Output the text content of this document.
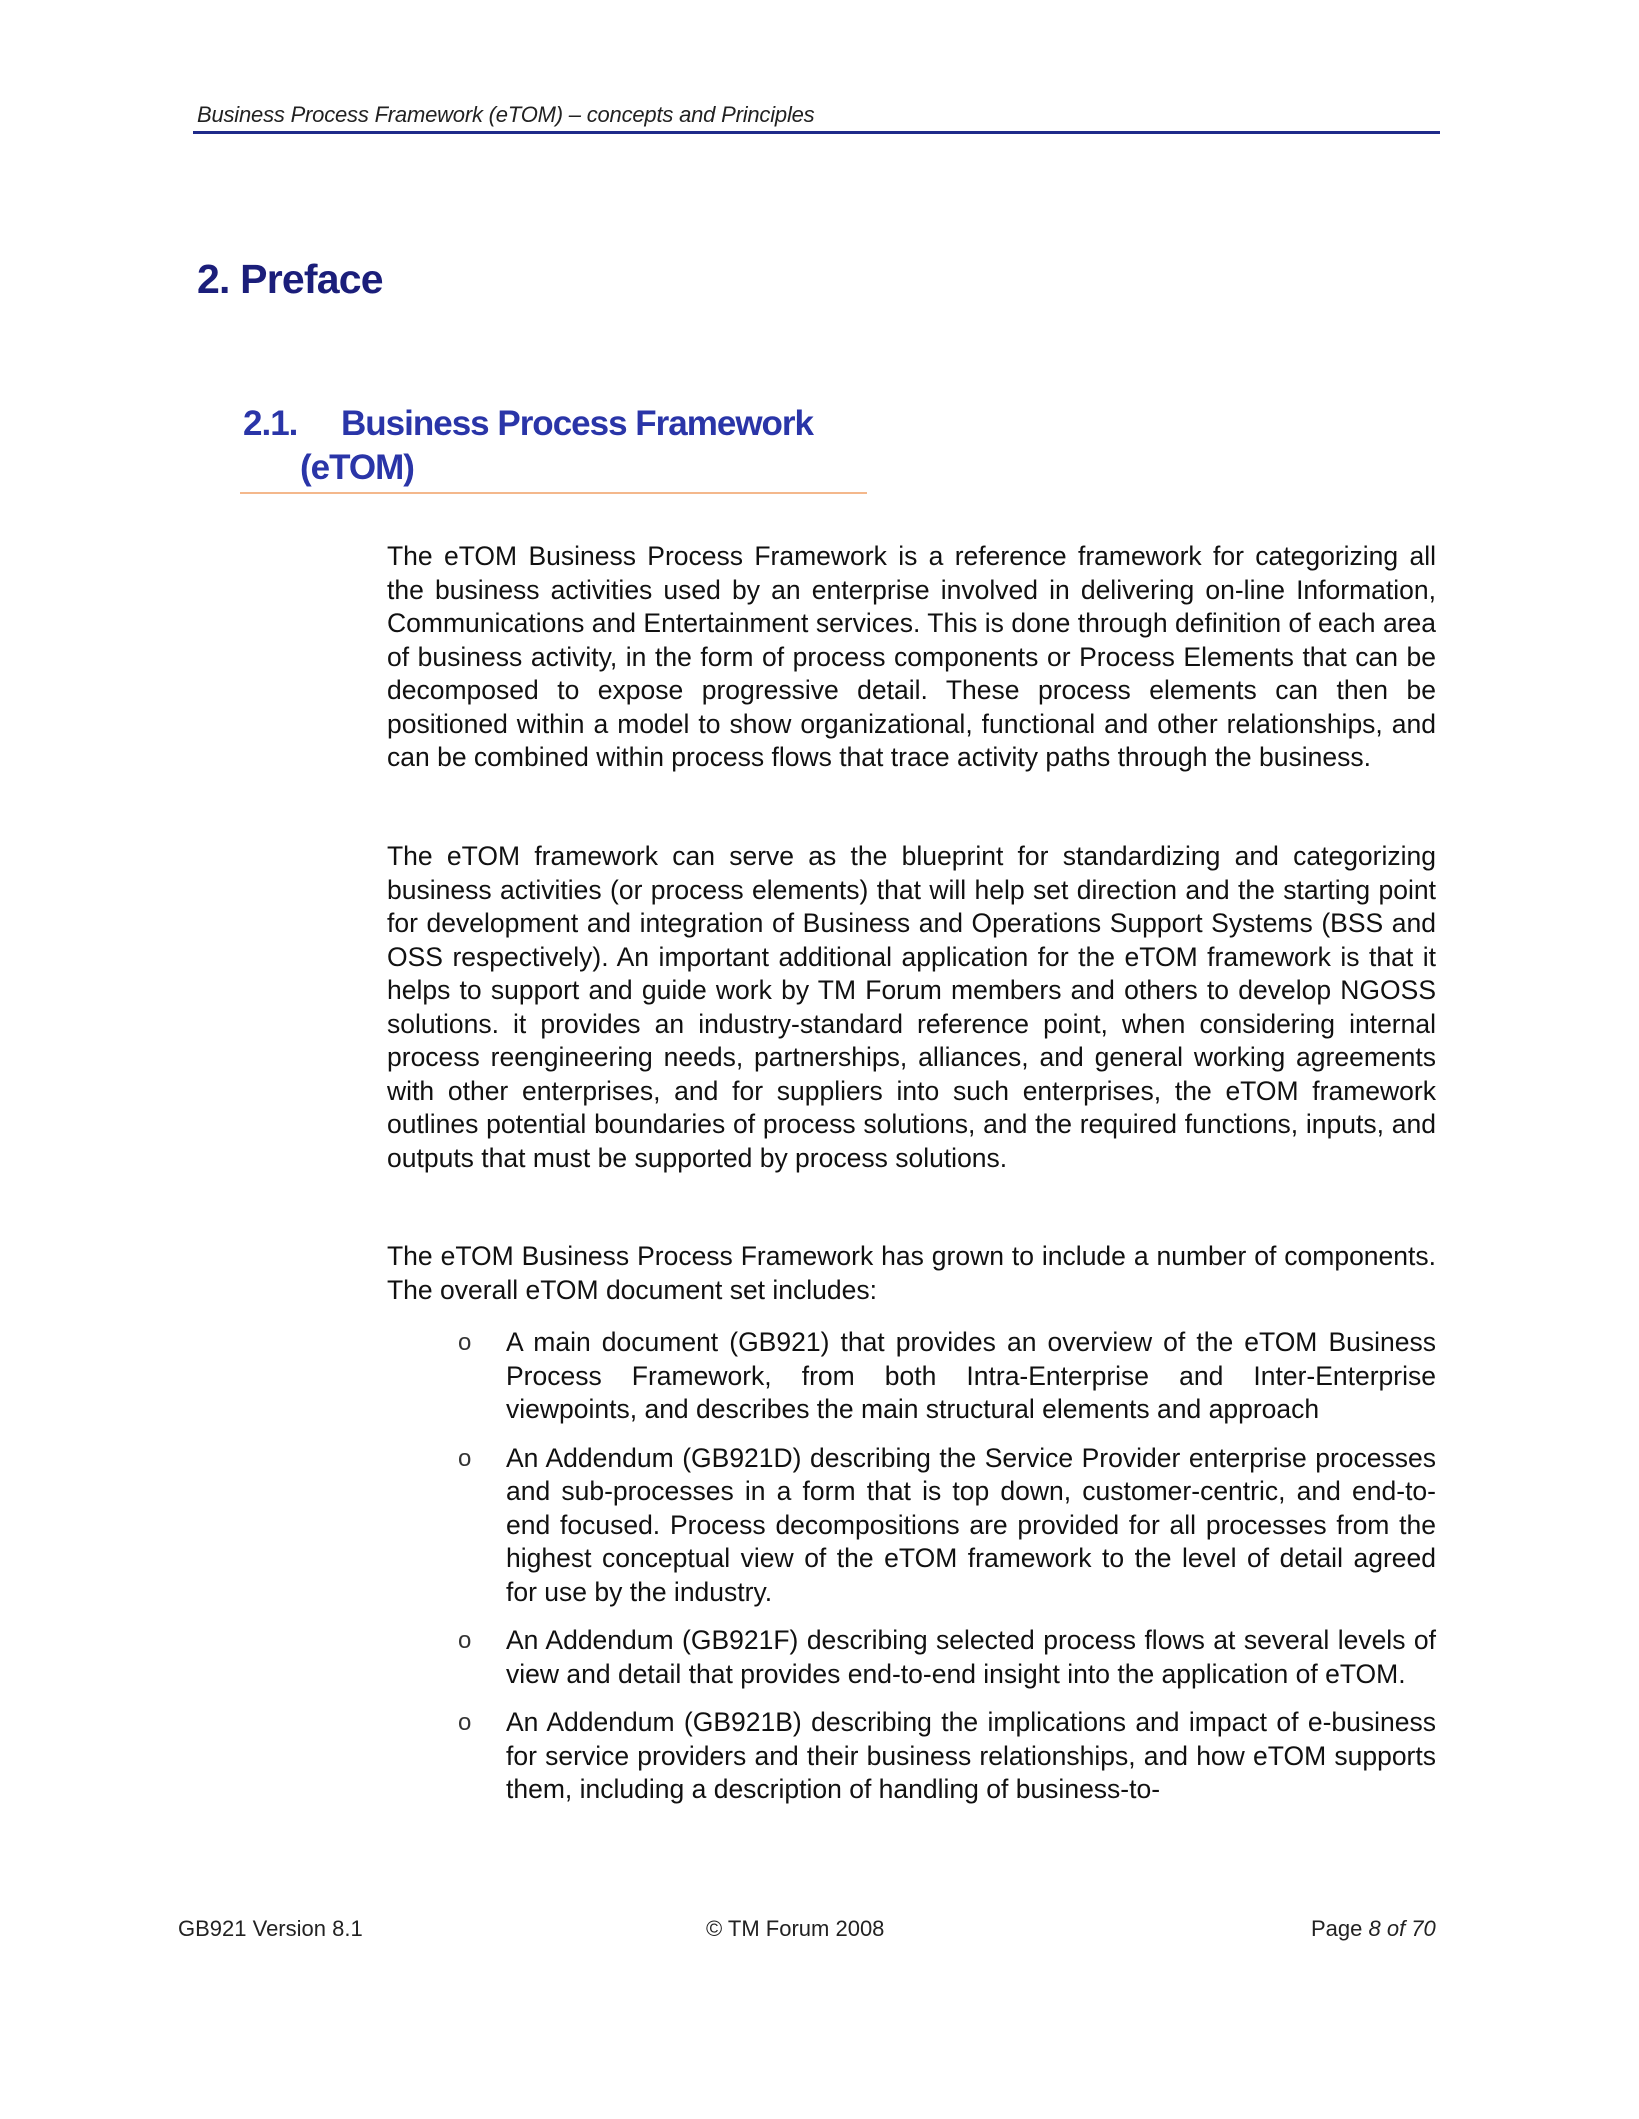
Business Process Framework (eTOM) – concepts and Principles
2. Preface
2.1. Business Process Framework
(eTOM)

The eTOM Business Process Framework is a reference framework for categorizing all the business activities used by an enterprise involved in delivering on-line Information, Communications and Entertainment services. This is done through definition of each area of business activity, in the form of process components or Process Elements that can be decomposed to expose progressive detail. These process elements can then be positioned within a model to show organizational, functional and other relationships, and can be combined within process flows that trace activity paths through the business.

The eTOM framework can serve as the blueprint for standardizing and categorizing business activities (or process elements) that will help set direction and the starting point for development and integration of Business and Operations Support Systems (BSS and OSS respectively). An important additional application for the eTOM framework is that it helps to support and guide work by TM Forum members and others to develop NGOSS solutions. it provides an industry-standard reference point, when considering internal process reengineering needs, partnerships, alliances, and general working agreements with other enterprises, and for suppliers into such enterprises, the eTOM framework outlines potential boundaries of process solutions, and the required functions, inputs, and outputs that must be supported by process solutions.

The eTOM Business Process Framework has grown to include a number of components. The overall eTOM document set includes:

o	A main document (GB921) that provides an overview of the eTOM Business Process Framework, from both Intra-Enterprise and Inter-Enterprise viewpoints, and describes the main structural elements and approach
o	An Addendum (GB921D) describing the Service Provider enterprise processes and sub-processes in a form that is top down, customer-centric, and end-to-end focused. Process decompositions are provided for all processes from the highest conceptual view of the eTOM framework to the level of detail agreed for use by the industry.
o	An Addendum (GB921F) describing selected process flows at several levels of view and detail that provides end-to-end insight into the application of eTOM.
o	An Addendum (GB921B) describing the implications and impact of e-business for service providers and their business relationships, and how eTOM supports them, including a description of handling of business-to-
GB921 Version 8.1	© TM Forum 2008	Page 8 of 70
